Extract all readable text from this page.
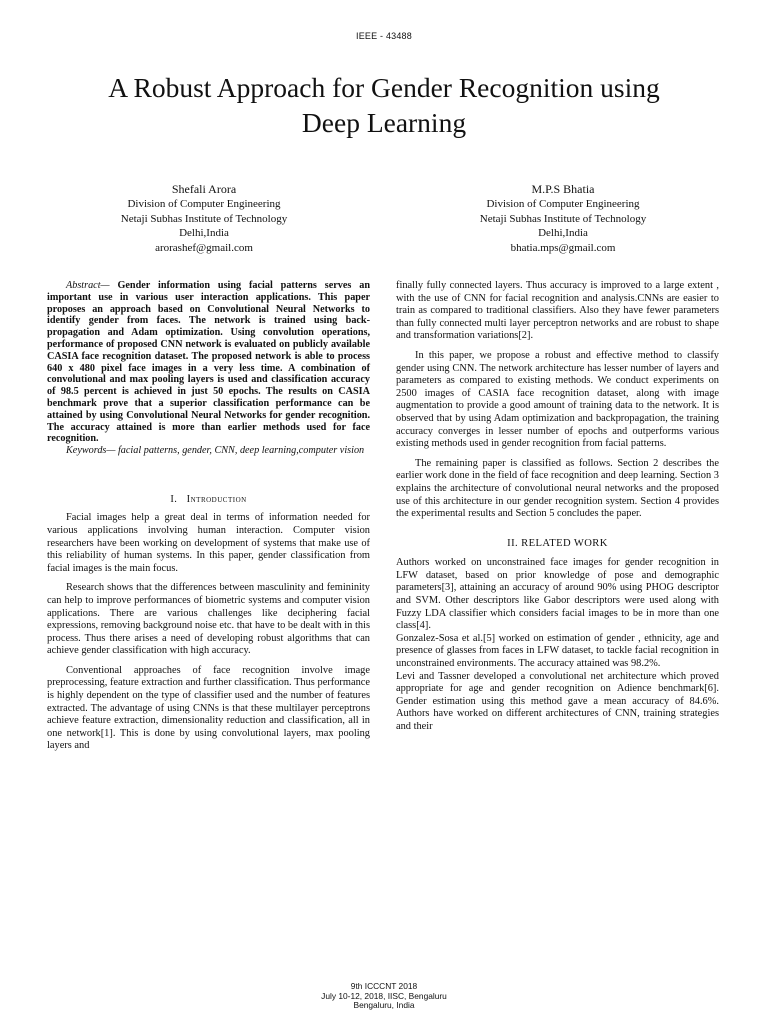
IEEE - 43488
A Robust Approach for Gender Recognition using
Deep Learning
Shefali Arora
Division of Computer Engineering
Netaji Subhas Institute of Technology
Delhi,India
arorashef@gmail.com
M.P.S Bhatia
Division of Computer Engineering
Netaji Subhas Institute of Technology
Delhi,India
bhatia.mps@gmail.com

Abstract— Gender information using facial patterns serves an important use in various user interaction applications. This paper proposes an approach based on Convolutional Neural Networks to identify gender from faces. The network is trained using back-propagation and Adam optimization. Using convolution operations, performance of proposed CNN network is evaluated on publicly available CASIA face recognition dataset. The proposed network is able to process 640 x 480 pixel face images in a very less time. A combination of convolutional and max pooling layers is used and classification accuracy of 98.5 percent is achieved in just 50 epochs. The results on CASIA benchmark prove that a superior classification performance can be attained by using Convolutional Neural Networks for gender recognition. The accuracy attained is more than earlier methods used for face recognition.

Keywords— facial patterns, gender, CNN, deep learning,computer vision

I. Introduction

Facial images help a great deal in terms of information needed for various applications involving human interaction. Computer vision researchers have been working on development of systems that make use of this reliability of human systems. In this paper, gender classification from facial images is the main focus.

Research shows that the differences between masculinity and femininity can help to improve performances of biometric systems and computer vision applications. There are various challenges like deciphering facial expressions, removing background noise etc. that have to be dealt with in this process. Thus there arises a need of developing robust algorithms that can achieve gender classification with high accuracy.

Conventional approaches of face recognition involve image preprocessing, feature extraction and further classification. Thus performance is highly dependent on the type of classifier used and the number of features extracted. The advantage of using CNNs is that these multilayer perceptrons achieve feature extraction, dimensionality reduction and classification, all in one network[1]. This is done by using convolutional layers, max pooling layers and

finally fully connected layers. Thus accuracy is improved to a large extent , with the use of CNN for facial recognition and analysis.CNNs are easier to train as compared to traditional classifiers. Also they have fewer parameters than fully connected multi layer perceptron networks and are robust to shape and transformation variations[2].

In this paper, we propose a robust and effective method to classify gender using CNN. The network architecture has lesser number of layers and parameters as compared to existing methods. We conduct experiments on 2500 images of CASIA face recognition dataset, along with image augmentation to provide a good amount of training data to the network. It is observed that by using Adam optimization and backpropagation, the training accuracy converges in lesser number of epochs and outperforms various existing methods used in gender recognition from facial patterns.

The remaining paper is classified as follows. Section 2 describes the earlier work done in the field of face recognition and deep learning. Section 3 explains the architecture of convolutional neural networks and the proposed use of this architecture in our gender recognition system. Section 4 provides the experimental results and Section 5 concludes the paper.

II. RELATED WORK

Authors worked on unconstrained face images for gender recognition in LFW dataset, based on prior knowledge of pose and demographic parameters[3], attaining an accuracy of around 90% using PHOG descriptor and SVM. Other descriptors like Gabor descriptors were used along with Fuzzy LDA classifier which considers facial images to be in more than one class[4].

Gonzalez-Sosa et al.[5] worked on estimation of gender , ethnicity, age and presence of glasses from faces in LFW dataset, to tackle facial recognition in unconstrained environments. The accuracy attained was 98.2%.

Levi and Tassner developed a convolutional net architecture which proved appropriate for age and gender recognition on Adience benchmark[6]. Gender estimation using this method gave a mean accuracy of 84.6%. Authors have worked on different architectures of CNN, training strategies and their

9th ICCCNT 2018
July 10-12, 2018, IISC, Bengaluru
Bengaluru, India
